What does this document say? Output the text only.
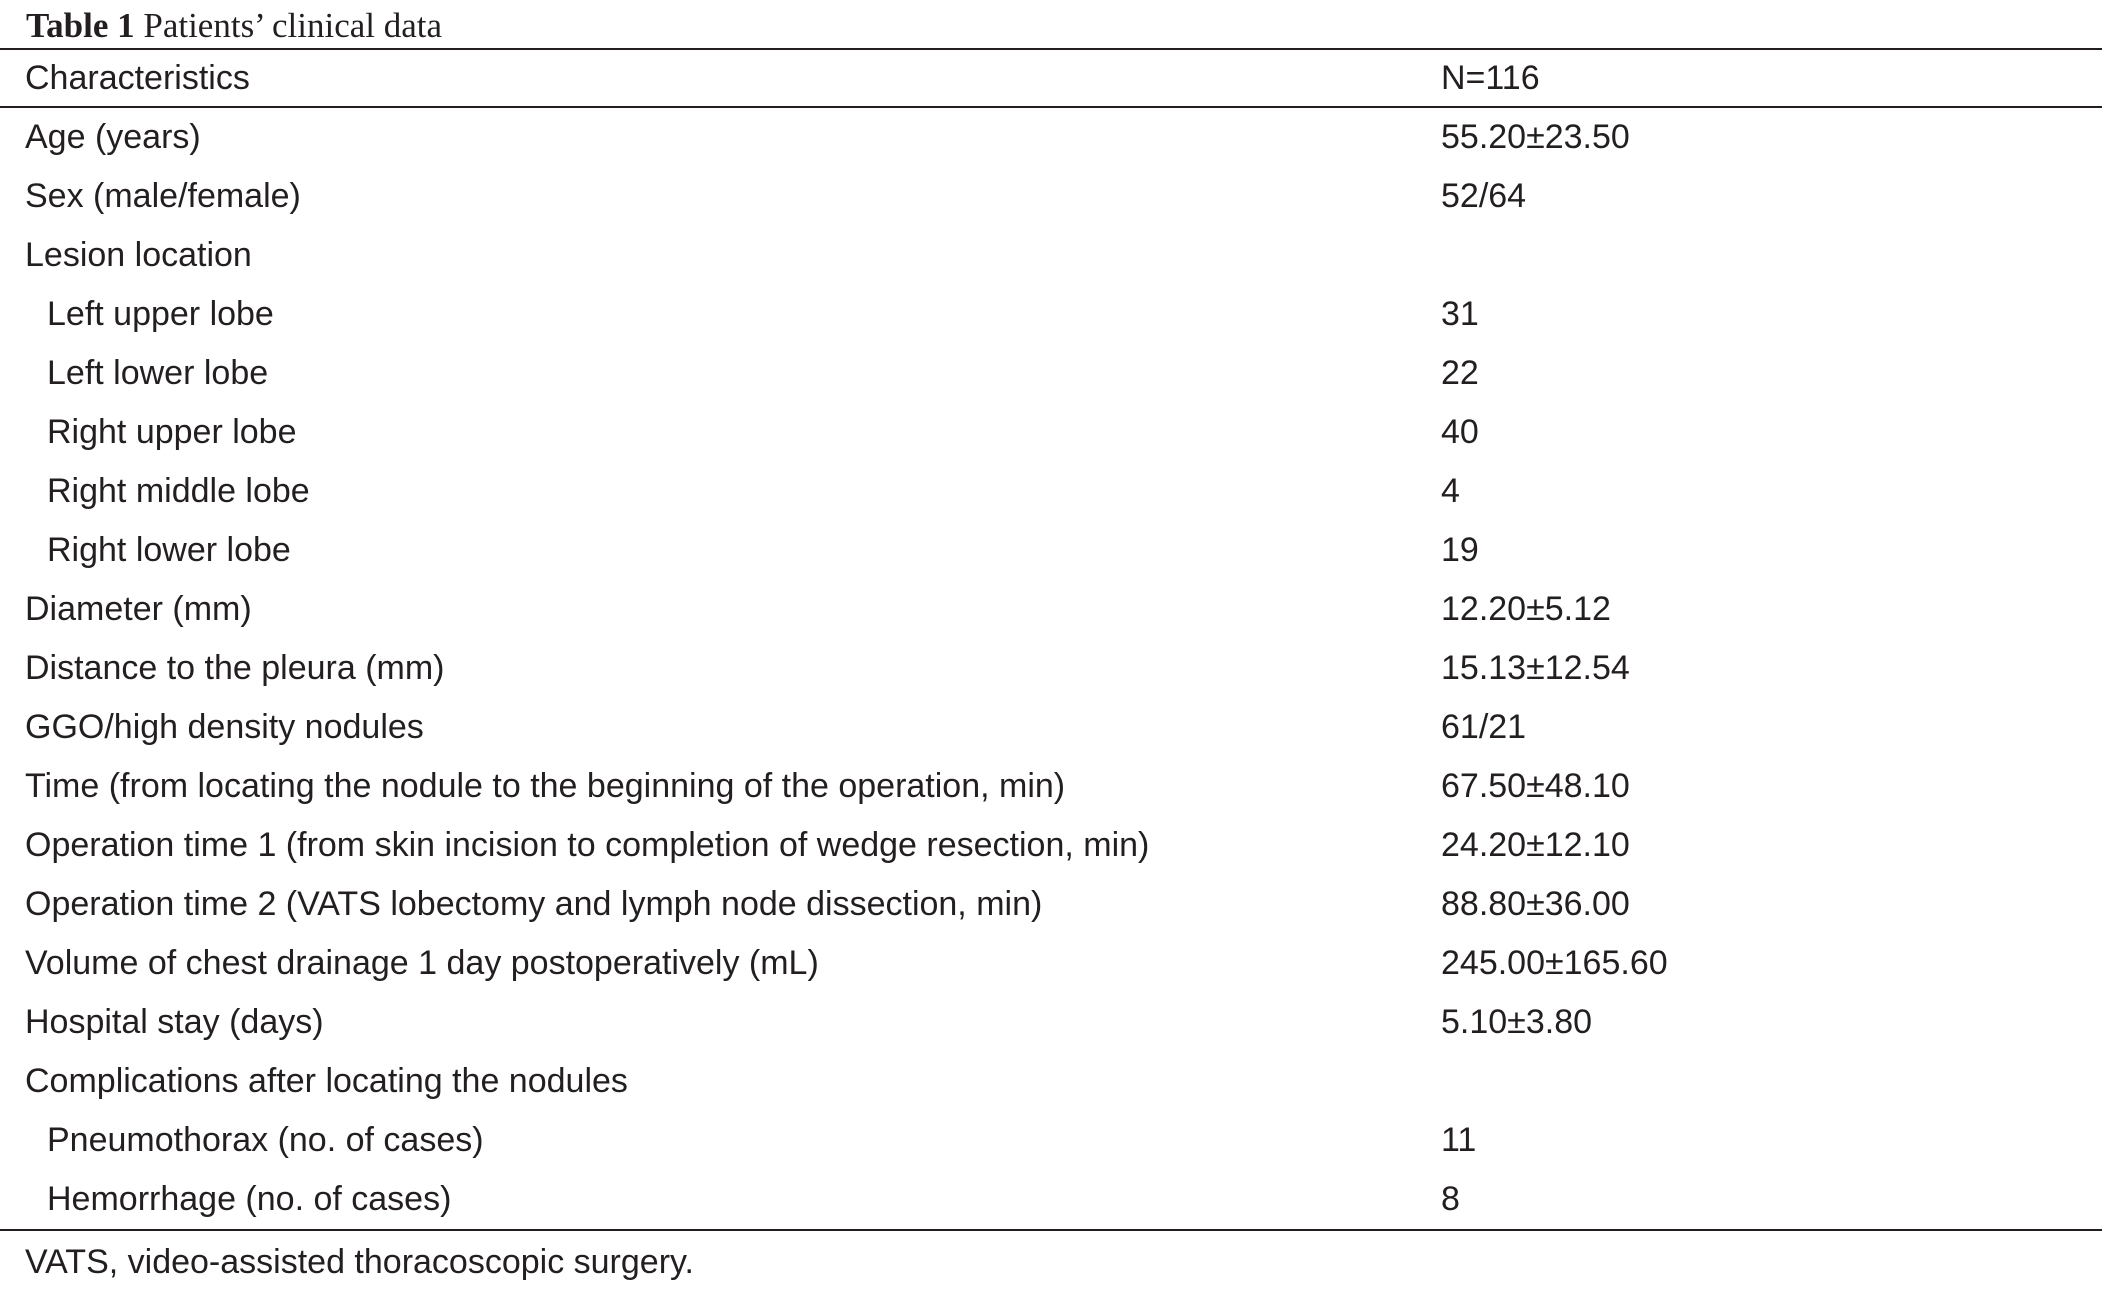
Table 1 Patients’ clinical data
Characteristics	N=116
Age (years)	55.20±23.50
Sex (male/female)	52/64
Lesion location
Left upper lobe	31
Left lower lobe	22
Right upper lobe	40
Right middle lobe	4
Right lower lobe	19
Diameter (mm)	12.20±5.12
Distance to the pleura (mm)	15.13±12.54
GGO/high density nodules	61/21
Time (from locating the nodule to the beginning of the operation, min)	67.50±48.10
Operation time 1 (from skin incision to completion of wedge resection, min)	24.20±12.10
Operation time 2 (VATS lobectomy and lymph node dissection, min)	88.80±36.00
Volume of chest drainage 1 day postoperatively (mL)	245.00±165.60
Hospital stay (days)	5.10±3.80
Complications after locating the nodules
Pneumothorax (no. of cases)	11
Hemorrhage (no. of cases)	8
VATS, video-assisted thoracoscopic surgery.
